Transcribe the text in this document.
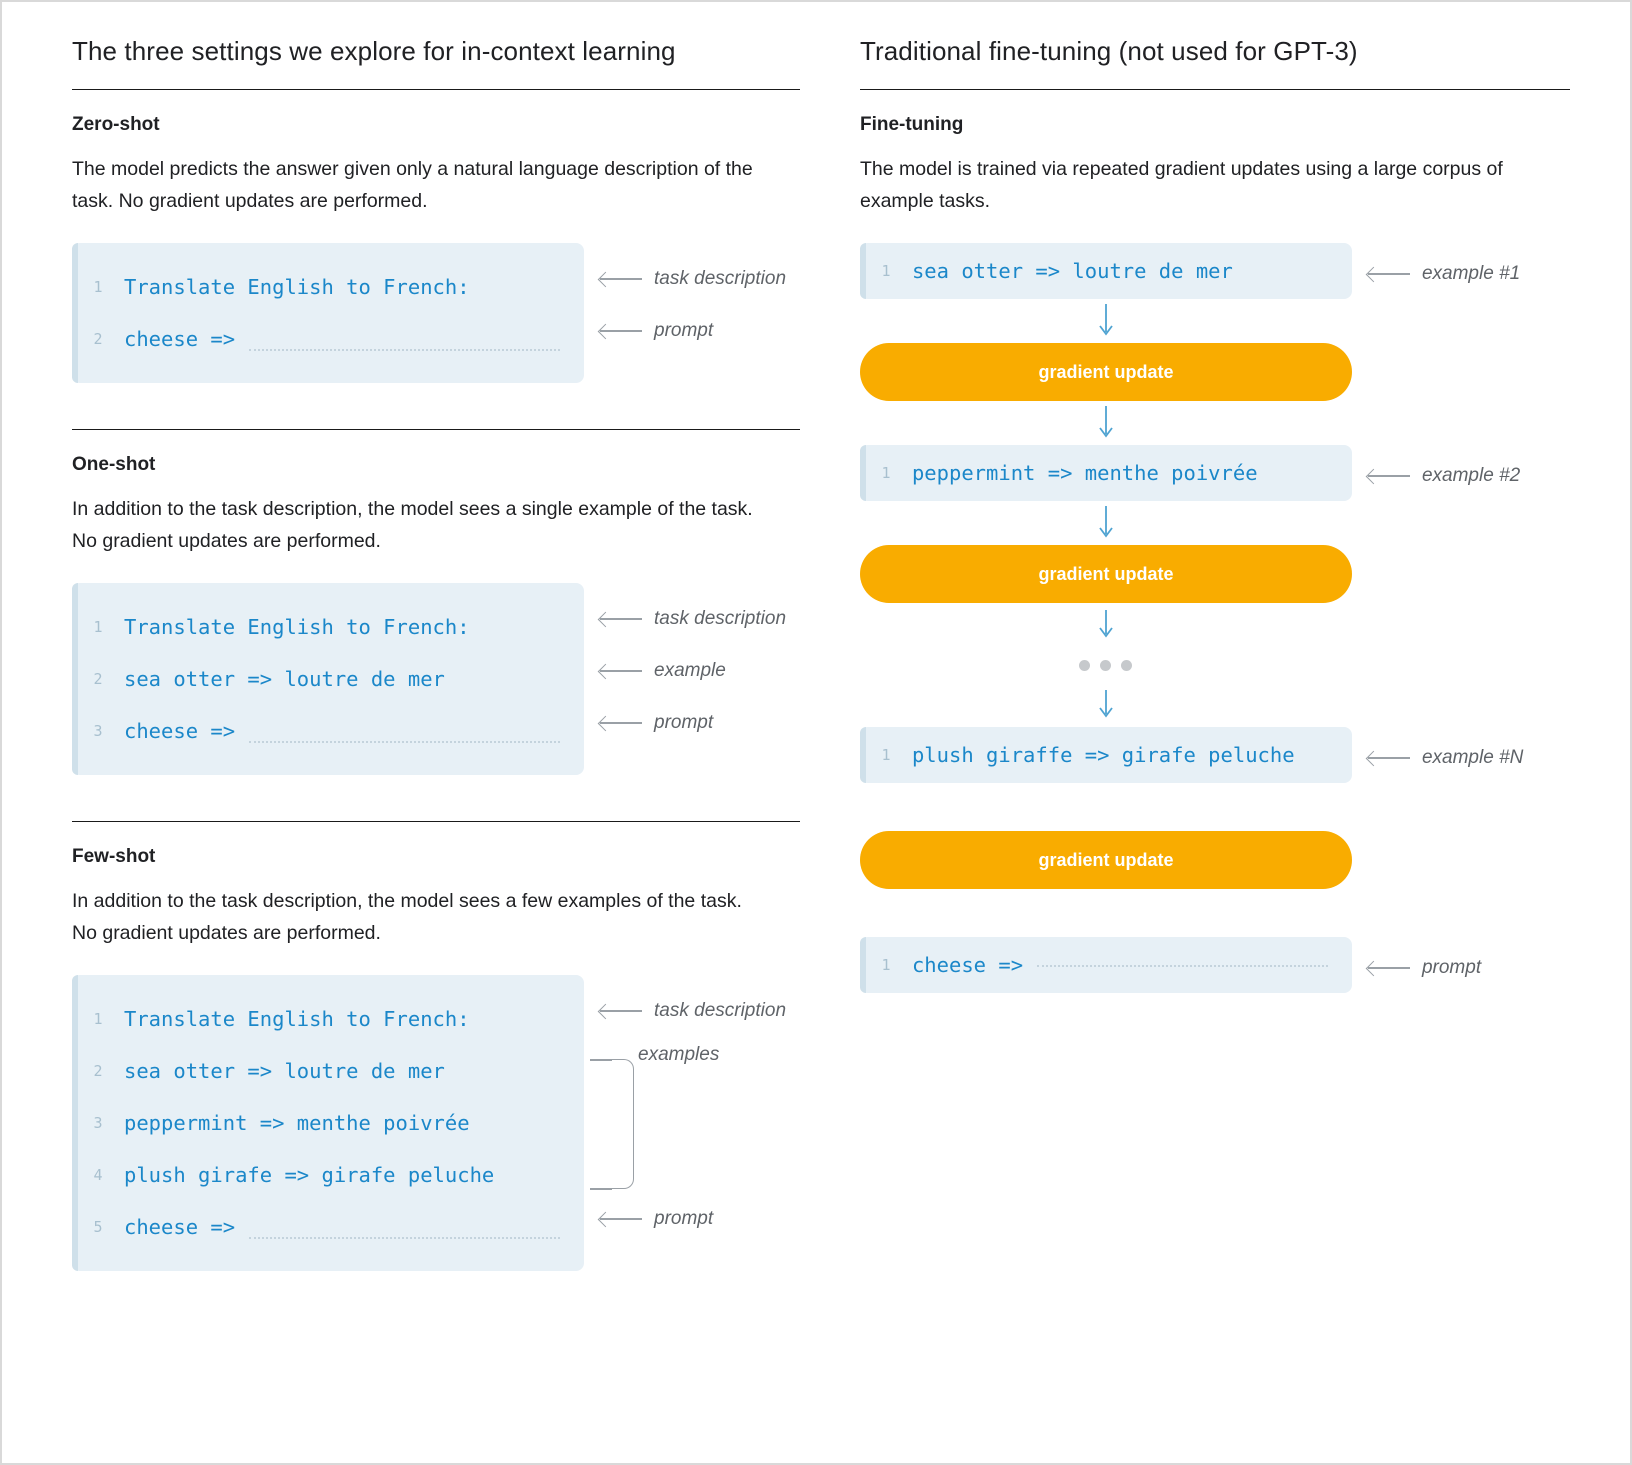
The three settings we explore for in-context learning
Zero-shot

The model predicts the answer given only a natural language description of the task. No gradient updates are performed.

1	Translate English to French:
2	cheese =>
task description
prompt
One-shot

In addition to the task description, the model sees a single example of the task. No gradient updates are performed.

1	Translate English to French:
2	sea otter => loutre de mer
3	cheese =>
task description
example
prompt
Few-shot

In addition to the task description, the model sees a few examples of the task. No gradient updates are performed.

1	Translate English to French:
2	sea otter => loutre de mer
3	peppermint => menthe poivrée
4	plush girafe => girafe peluche
5	cheese =>
task description
examples
prompt
Traditional fine-tuning (not used for GPT-3)
Fine-tuning

The model is trained via repeated gradient updates using a large corpus of example tasks.

1	sea otter => loutre de mer	example #1
gradient update
1	peppermint => menthe poivrée	example #2
gradient update
1	plush giraffe => girafe peluche	example #N
gradient update
1	cheese =>	prompt
